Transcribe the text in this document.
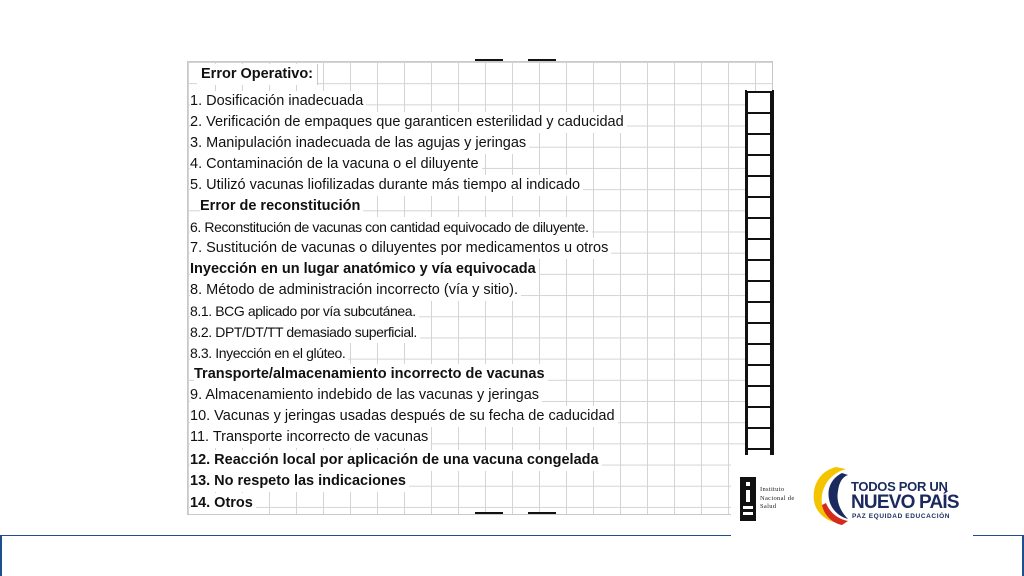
Error Operativo:
1. Dosificación inadecuada
2. Verificación de empaques que garanticen esterilidad y caducidad
3. Manipulación inadecuada de las agujas y jeringas
4. Contaminación de la vacuna o el diluyente
5. Utilizó vacunas liofilizadas durante más tiempo al indicado
Error de reconstitución
6. Reconstitución de vacunas con cantidad equivocado de diluyente.
7. Sustitución de vacunas o diluyentes por medicamentos u otros
Inyección en un lugar anatómico y vía equivocada
8. Método de administración incorrecto (vía y sitio).
8.1. BCG aplicado por vía subcutánea.
8.2. DPT/DT/TT demasiado superficial.
8.3. Inyección en el glúteo.
Transporte/almacenamiento incorrecto de vacunas
9. Almacenamiento indebido de las vacunas y jeringas
10. Vacunas y jeringas usadas después de su fecha de caducidad
11. Transporte incorrecto de vacunas
12. Reacción local por aplicación de una vacuna congelada
13. No respeto las indicaciones
14. Otros
Instituto
Nacional de
Salud
TODOS POR UN
NUEVO PAÍS
PAZ EQUIDAD EDUCACIÓN
